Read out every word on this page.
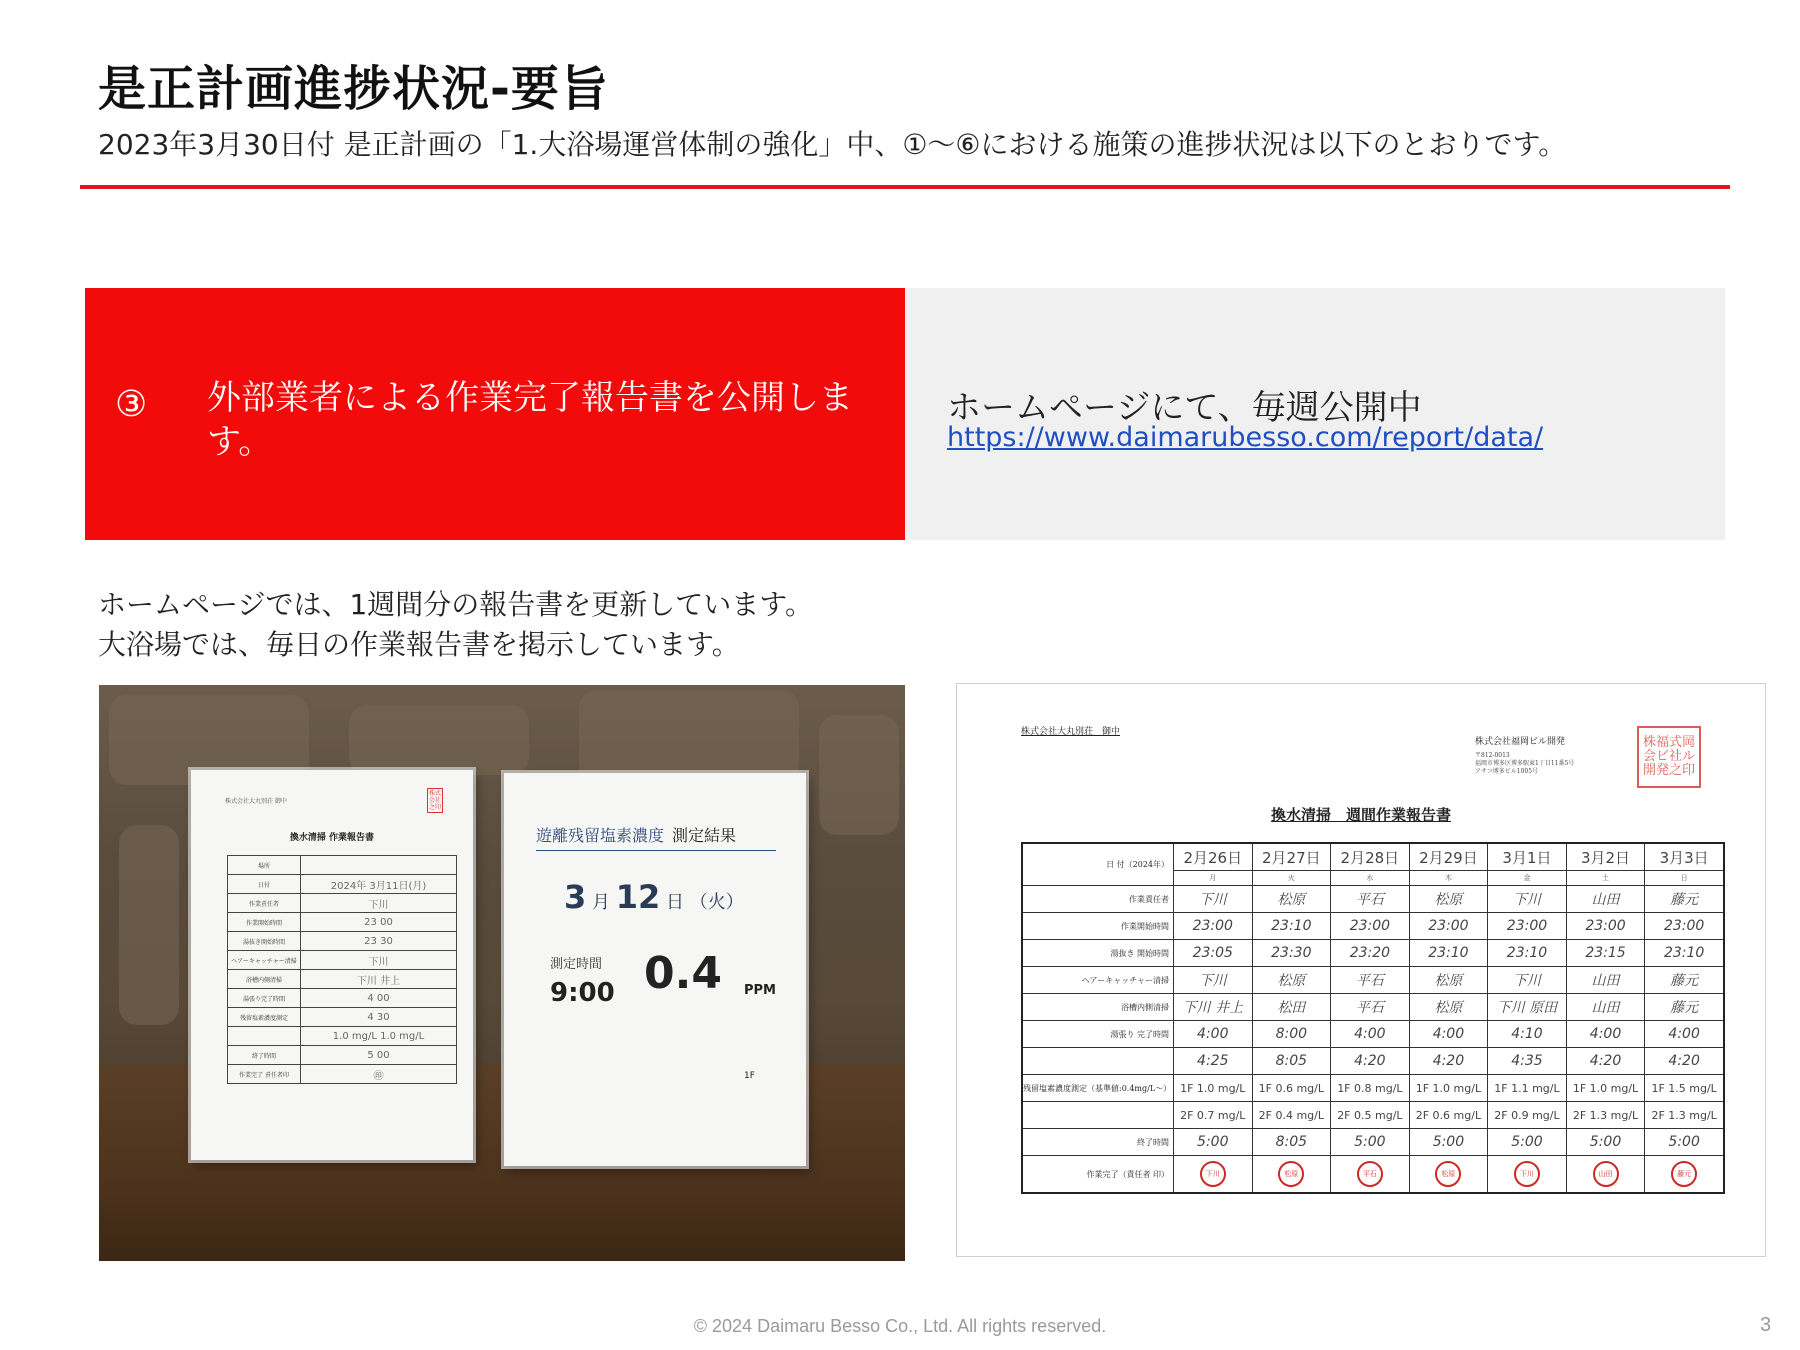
是正計画進捗状況-要旨
2023年3月30日付 是正計画の「1.大浴場運営体制の強化」中、①～⑥における施策の進捗状況は以下のとおりです。
③ 外部業者による作業完了報告書を公開します。
ホームページにて、毎週公開中
https://www.daimarubesso.com/report/data/
ホームページでは、1週間分の報告書を更新しています。
大浴場では、毎日の作業報告書を掲示しています。
株式会社大丸別荘 御中
株式
会社
之印
換水清掃 作業報告書
場所	
日付	2024年 3月11日(月)
作業責任者	下川
作業開始時間	23 00
湯抜き開始時間	23 30
ヘアーキャッチャー清掃	下川
浴槽内側清掃	下川 井上
湯張り完了時間	4 00
残留塩素濃度測定	4 30
	1.0 mg/L 1.0 mg/L
終了時間	5 00
作業完了 責任者印	㊞
遊離残留塩素濃度 測定結果
3 月 12 日 （火）
測定時間
9:00 0.4 PPM
1F
株式会社大丸別荘　御中
株式会社福岡ビル開発
〒812-0013
福岡市博多区博多駅東1丁目11番5号
アサコ博多ビル1005号
株福式岡会ビ社ル開発之印
換水清掃　週間作業報告書
日 付（2024年）	2月26日	2月27日	2月28日	2月29日	3月1日	3月2日	3月3日
	月	火	水	木	金	土	日
作業責任者	下川	松原	平石	松原	下川	山田	藤元
作業開始時間	23:00	23:10	23:00	23:00	23:00	23:00	23:00
湯抜き 開始時間	23:05	23:30	23:20	23:10	23:10	23:15	23:10
ヘアーキャッチャー清掃	下川	松原	平石	松原	下川	山田	藤元
浴槽内側清掃	下川 井上	松田	平石	松原	下川 原田	山田	藤元
湯張り 完了時間	4:00	8:00	4:00	4:00	4:10	4:00	4:00
	4:25	8:05	4:20	4:20	4:35	4:20	4:20
残留塩素濃度測定（基準値:0.4mg/L～）	1F 1.0 mg/L	1F 0.6 mg/L	1F 0.8 mg/L	1F 1.0 mg/L	1F 1.1 mg/L	1F 1.0 mg/L	1F 1.5 mg/L
	2F 0.7 mg/L	2F 0.4 mg/L	2F 0.5 mg/L	2F 0.6 mg/L	2F 0.9 mg/L	2F 1.3 mg/L	2F 1.3 mg/L
終了時間	5:00	8:05	5:00	5:00	5:00	5:00	5:00
作業完了（責任者 印）	下川	松原	平石	松原	下川	山田	藤元
© 2024 Daimaru Besso Co., Ltd. All rights reserved.	3
